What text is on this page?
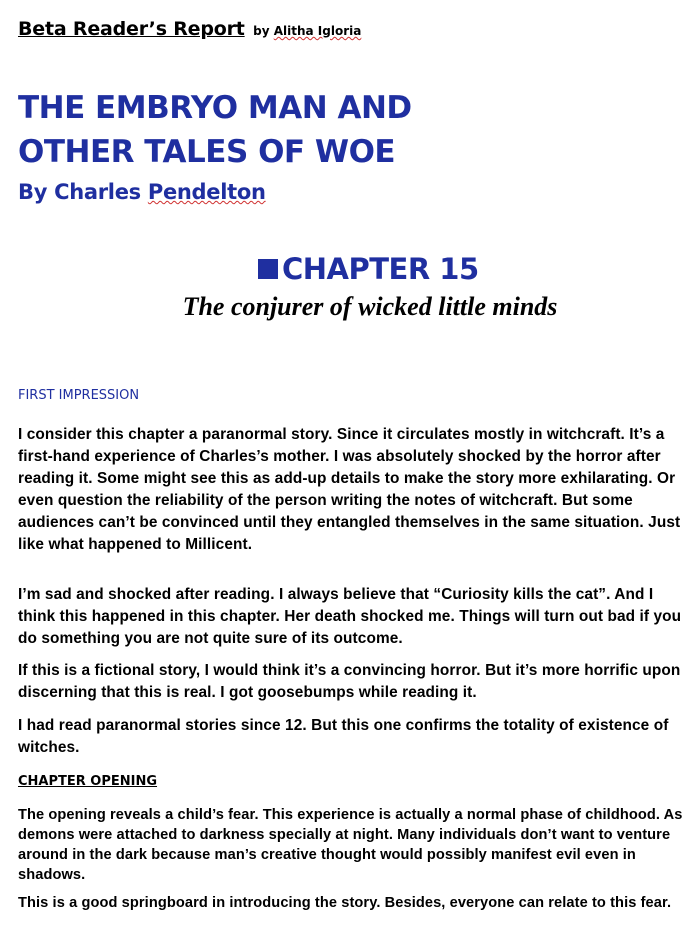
Beta Reader’s Report by Alitha Igloria
THE EMBRYO MAN AND
OTHER TALES OF WOE
By Charles Pendelton
CHAPTER 15
The conjurer of wicked little minds
FIRST IMPRESSION

I consider this chapter a paranormal story. Since it circulates mostly in witchcraft. It’s a first-hand experience of Charles’s mother. I was absolutely shocked by the horror after reading it. Some might see this as add-up details to make the story more exhilarating. Or even question the reliability of the person writing the notes of witchcraft. But some audiences can’t be convinced until they entangled themselves in the same situation. Just like what happened to Millicent.

I’m sad and shocked after reading. I always believe that “Curiosity kills the cat”. And I think this happened in this chapter. Her death shocked me. Things will turn out bad if you do something you are not quite sure of its outcome.

If this is a fictional story, I would think it’s a convincing horror. But it’s more horrific upon discerning that this is real. I got goosebumps while reading it.

I had read paranormal stories since 12. But this one confirms the totality of existence of witches.

CHAPTER OPENING

The opening reveals a child’s fear. This experience is actually a normal phase of childhood. As demons were attached to darkness specially at night. Many individuals don’t want to venture around in the dark because man’s creative thought would possibly manifest evil even in shadows.

This is a good springboard in introducing the story. Besides, everyone can relate to this fear.
